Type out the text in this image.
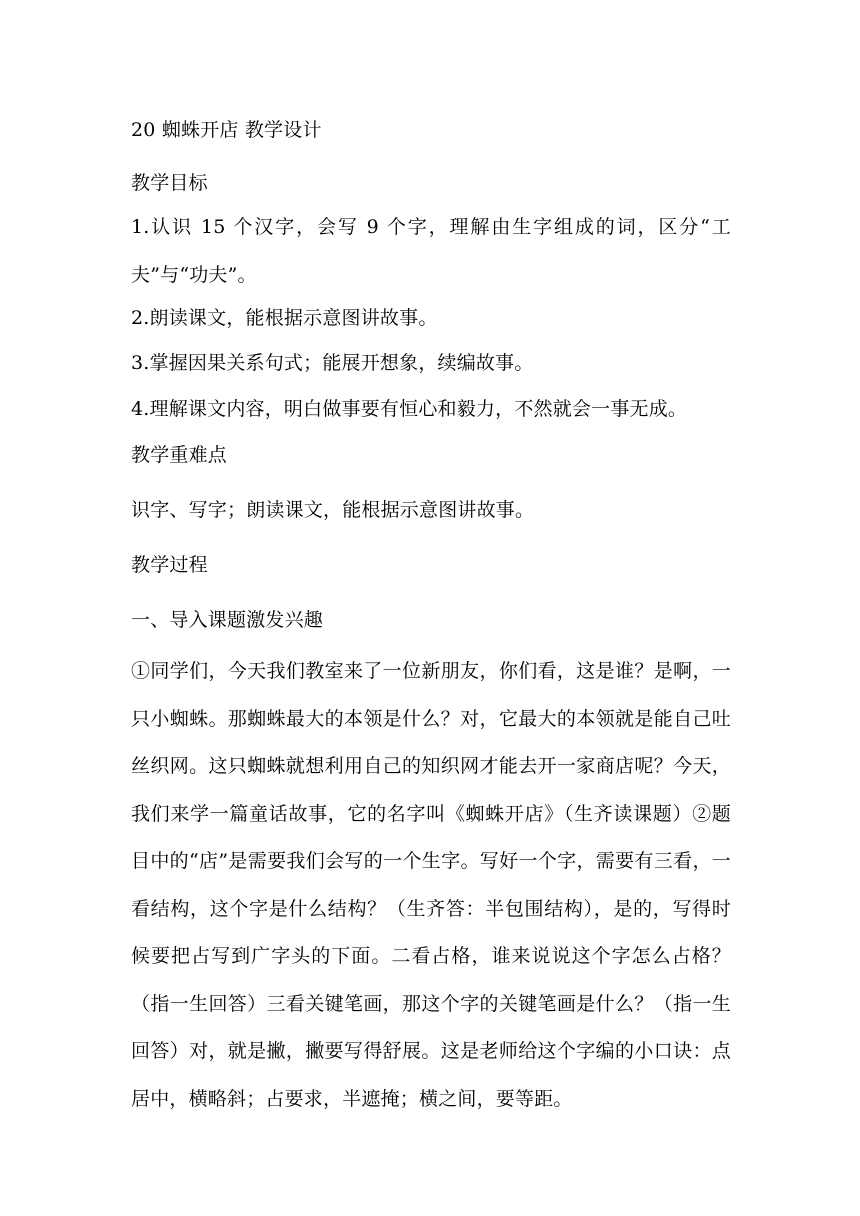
20 蜘蛛开店 教学设计
教学目标
1.认识 15 个汉字，会写 9 个字，理解由生字组成的词，区分“工夫”与“功夫”。
2.朗读课文，能根据示意图讲故事。
3.掌握因果关系句式；能展开想象，续编故事。
4.理解课文内容，明白做事要有恒心和毅力，不然就会一事无成。
教学重难点
识字、写字；朗读课文，能根据示意图讲故事。
教学过程
一、导入课题激发兴趣
①同学们，今天我们教室来了一位新朋友，你们看，这是谁？是啊，一只小蜘蛛。那蜘蛛最大的本领是什么？对，它最大的本领就是能自己吐丝织网。这只蜘蛛就想利用自己的知织网才能去开一家商店呢？今天，我们来学一篇童话故事，它的名字叫《蜘蛛开店》（生齐读课题）②题目中的“店”是需要我们会写的一个生字。写好一个字，需要有三看，一看结构，这个字是什么结构？（生齐答：半包围结构），是的，写得时候要把占写到广字头的下面。二看占格，谁来说说这个字怎么占格？（指一生回答）三看关键笔画，那这个字的关键笔画是什么？（指一生回答）对，就是撇，撇要写得舒展。这是老师给这个字编的小口诀：点居中，横略斜；占要求，半遮掩；横之间，要等距。
